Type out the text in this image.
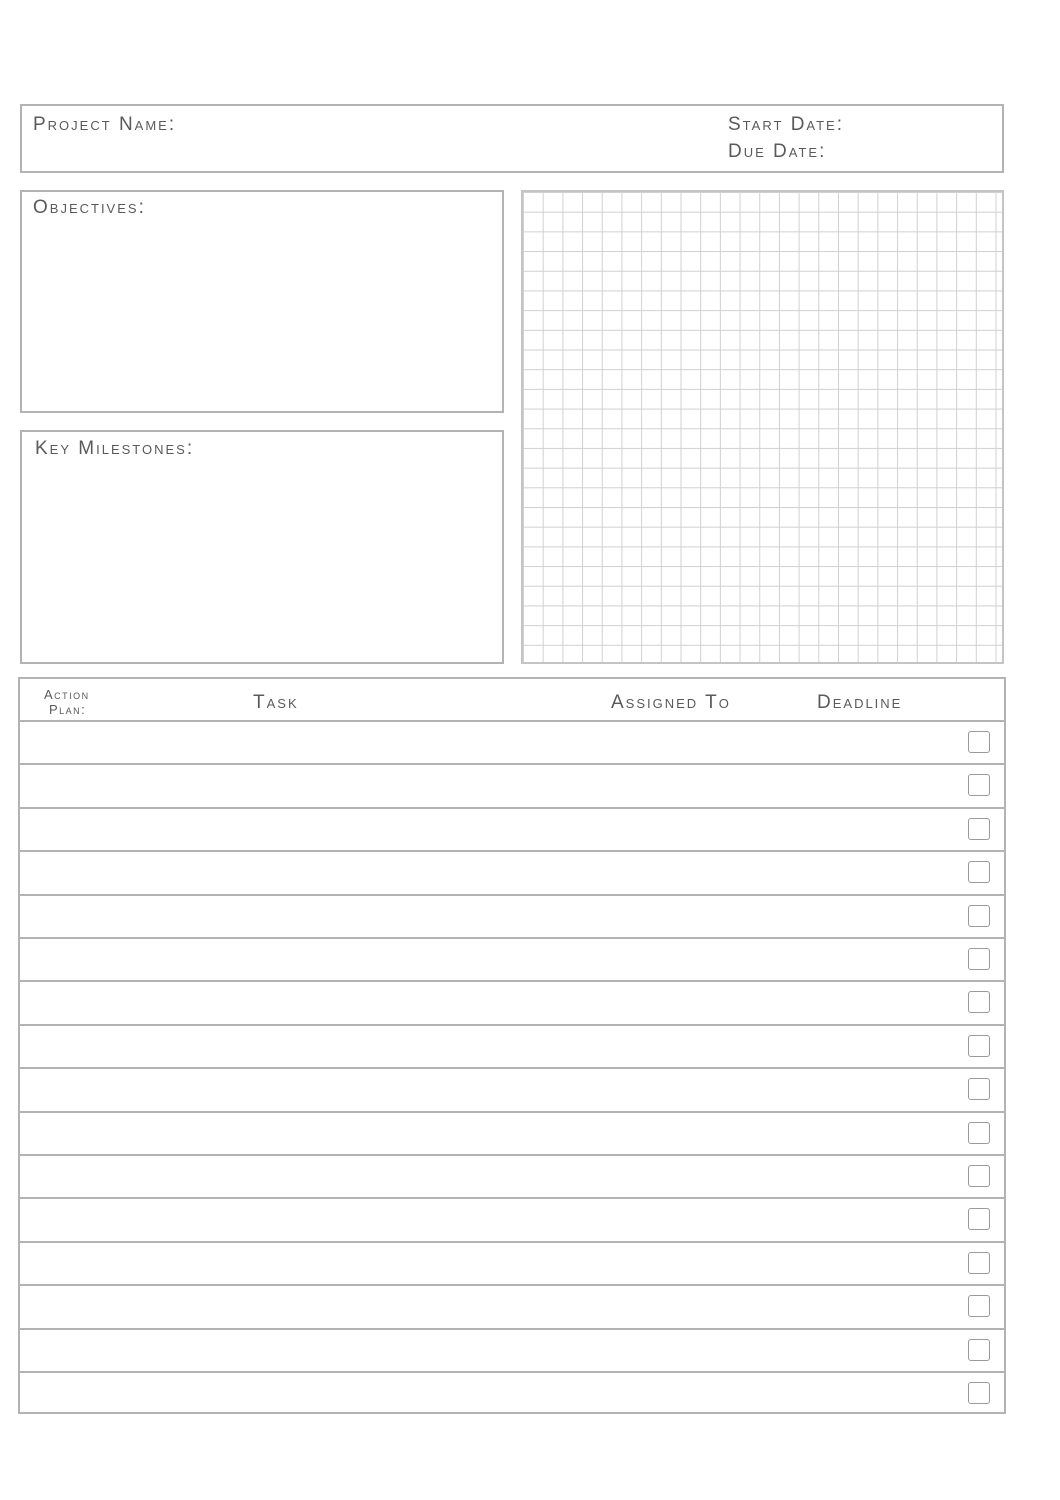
Project Name:	Start Date:
Due Date:
Objectives:
Key Milestones:
Action
Plan:	Task	Assigned To	Deadline
